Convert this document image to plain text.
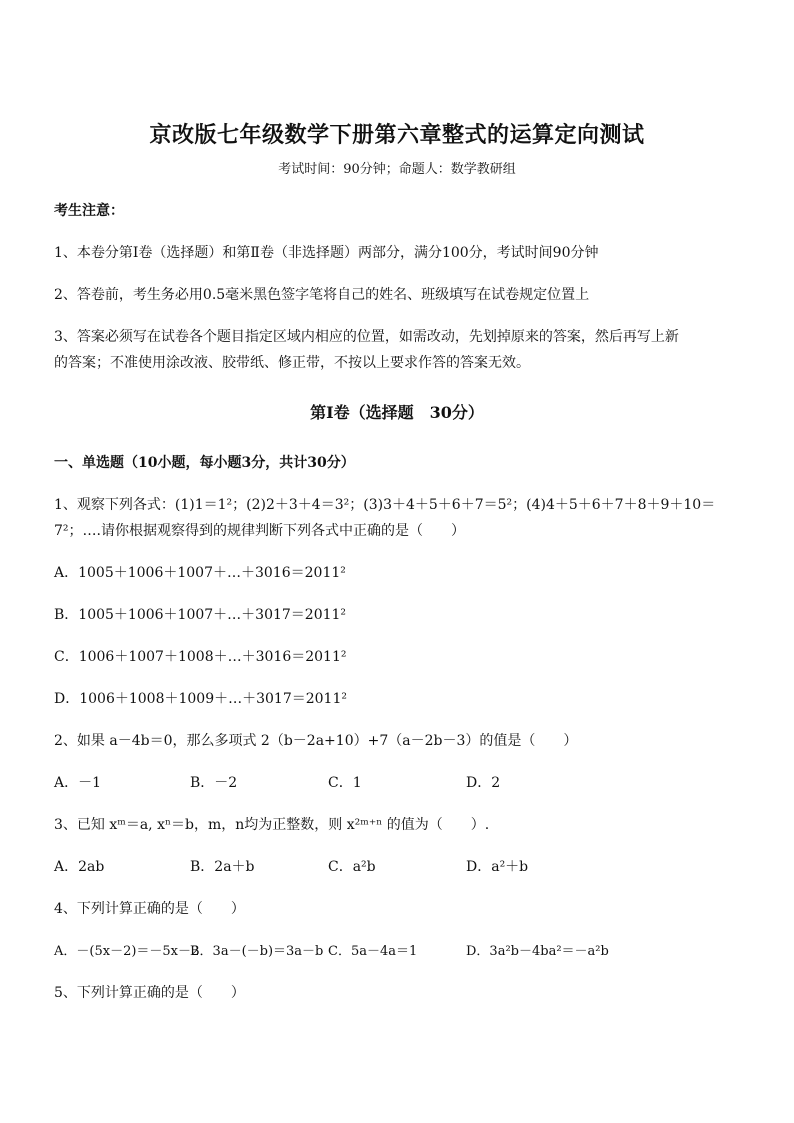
京改版七年级数学下册第六章整式的运算定向测试
考试时间：90分钟；命题人：数学教研组
考生注意：
1、本卷分第Ⅰ卷（选择题）和第Ⅱ卷（非选择题）两部分，满分100分，考试时间90分钟
2、答卷前，考生务必用0.5毫米黑色签字笔将自己的姓名、班级填写在试卷规定位置上
3、答案必须写在试卷各个题目指定区域内相应的位置，如需改动，先划掉原来的答案，然后再写上新
的答案；不准使用涂改液、胶带纸、修正带，不按以上要求作答的答案无效。
第Ⅰ卷（选择题　30分）
一、单选题（10小题，每小题3分，共计30分）
1、观察下列各式：(1)1＝1²；(2)2＋3＋4＝3²；(3)3＋4＋5＋6＋7＝5²；(4)4＋5＋6＋7＋8＋9＋10＝
7²；….请你根据观察得到的规律判断下列各式中正确的是（　　）
A．1005＋1006＋1007＋…＋3016＝2011²
B．1005＋1006＋1007＋…＋3017＝2011²
C．1006＋1007＋1008＋…＋3016＝2011²
D．1006＋1008＋1009＋…＋3017＝2011²
2、如果 a－4b＝0，那么多项式 2（b－2a+10）+7（a－2b－3）的值是（　　）
A．－1	B．－2	C．1	D．2
3、已知 xᵐ＝a, xⁿ＝b，m，n均为正整数，则 x²ᵐ⁺ⁿ 的值为（　　）.
A．2ab	B．2a＋b	C．a²b	D．a²＋b
4、下列计算正确的是（　　）
A．－(5x－2)＝－5x－2
B．3a－(－b)＝3a－b C．5a－4a＝1	D．3a²b－4ba²＝－a²b
5、下列计算正确的是（　　）
